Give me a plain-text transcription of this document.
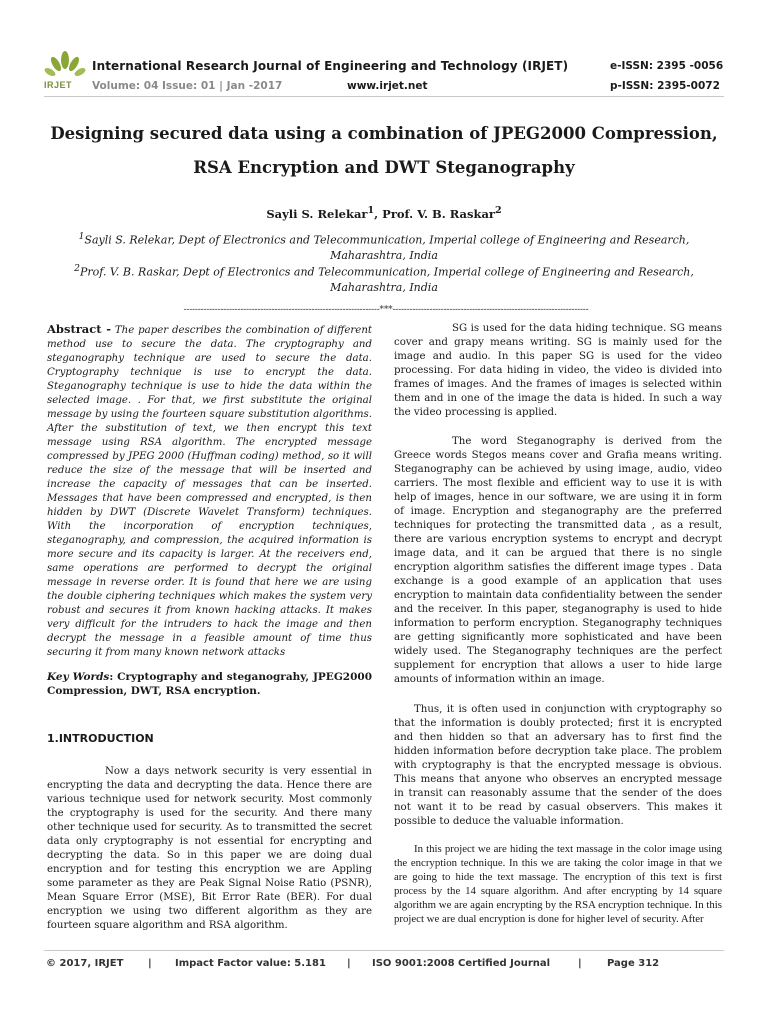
IRJET
International Research Journal of Engineering and Technology (IRJET)	e-ISSN: 2395 -0056
Volume: 04 Issue: 01 | Jan -2017	www.irjet.net	p-ISSN: 2395-0072
Designing secured data using a combination of JPEG2000 Compression,
RSA Encryption and DWT Steganography
Sayli S. Relekar$^1$, Prof. V. B. Raskar$^2$
$^1$Sayli S. Relekar, Dept of Electronics and Telecommunication, Imperial college of Engineering and Research, Maharashtra, India
$^2$Prof. V. B. Raskar, Dept of Electronics and Telecommunication, Imperial college of Engineering and Research, Maharashtra, India
---------------------------------------------------------------------***---------------------------------------------------------------------
Abstract - The paper describes the combination of different method use to secure the data. The cryptography and steganography technique are used to secure the data. Cryptography technique is use to encrypt the data. Steganography technique is use to hide the data within the selected image. . For that, we first substitute the original message by using the fourteen square substitution algorithms. After the substitution of text, we then encrypt this text message using RSA algorithm. The encrypted message compressed by JPEG 2000 (Huffman coding) method, so it will reduce the size of the message that will be inserted and increase the capacity of messages that can be inserted. Messages that have been compressed and encrypted, is then hidden by DWT (Discrete Wavelet Transform) techniques. With the incorporation of encryption techniques, steganography, and compression, the acquired information is more secure and its capacity is larger. At the receivers end, same operations are performed to decrypt the original message in reverse order. It is found that here we are using the double ciphering techniques which makes the system very robust and secures it from known hacking attacks. It makes very difficult for the intruders to hack the image and then decrypt the message in a feasible amount of time thus securing it from many known network attacks
Key Words: Cryptography and steganograhy, JPEG2000 Compression, DWT, RSA encryption.
1.INTRODUCTION
Now a days network security is very essential in encrypting the data and decrypting the data. Hence there are various technique used for network security. Most commonly the cryptography is used for the security. And there many other technique used for security. As to transmitted the secret data only cryptography is not essential for encrypting and decrypting the data. So in this paper we are doing dual encryption and for testing this encryption we are Appling some parameter as they are Peak Signal Noise Ratio (PSNR), Mean Square Error (MSE), Bit Error Rate (BER). For dual encryption we using two different algorithm as they are fourteen square algorithm and RSA algorithm.
SG is used for the data hiding technique. SG means cover and grapy means writing. SG is mainly used for the image and audio. In this paper SG is used for the video processing. For data hiding in video, the video is divided into frames of images. And the frames of images is selected within them and in one of the image the data is hided. In such a way the video processing is applied.
The word Steganography is derived from the Greece words Stegos means cover and Grafia means writing. Steganography can be achieved by using image, audio, video carriers. The most flexible and efficient way to use it is with help of images, hence in our software, we are using it in form of image. Encryption and steganography are the preferred techniques for protecting the transmitted data , as a result, there are various encryption systems to encrypt and decrypt image data, and it can be argued that there is no single encryption algorithm satisfies the different image types . Data exchange is a good example of an application that uses encryption to maintain data confidentiality between the sender and the receiver. In this paper, steganography is used to hide information to perform encryption. Steganography techniques are getting significantly more sophisticated and have been widely used. The Steganography techniques are the perfect supplement for encryption that allows a user to hide large amounts of information within an image.
Thus, it is often used in conjunction with cryptography so that the information is doubly protected; first it is encrypted and then hidden so that an adversary has to first find the hidden information before decryption take place. The problem with cryptography is that the encrypted message is obvious. This means that anyone who observes an encrypted message in transit can reasonably assume that the sender of the does not want it to be read by casual observers. This makes it possible to deduce the valuable information.
In this project we are hiding the text massage in the color image using the encryption technique. In this we are taking the color image in that we are going to hide the text massage. The encryption of this text is first process by the 14 square algorithm. And after encrypting by 14 square algorithm we are again encrypting by the RSA encryption technique. In this project we are dual encryption is done for higher level of security. After
© 2017, IRJET | Impact Factor value: 5.181 | ISO 9001:2008 Certified Journal	|	Page 312
